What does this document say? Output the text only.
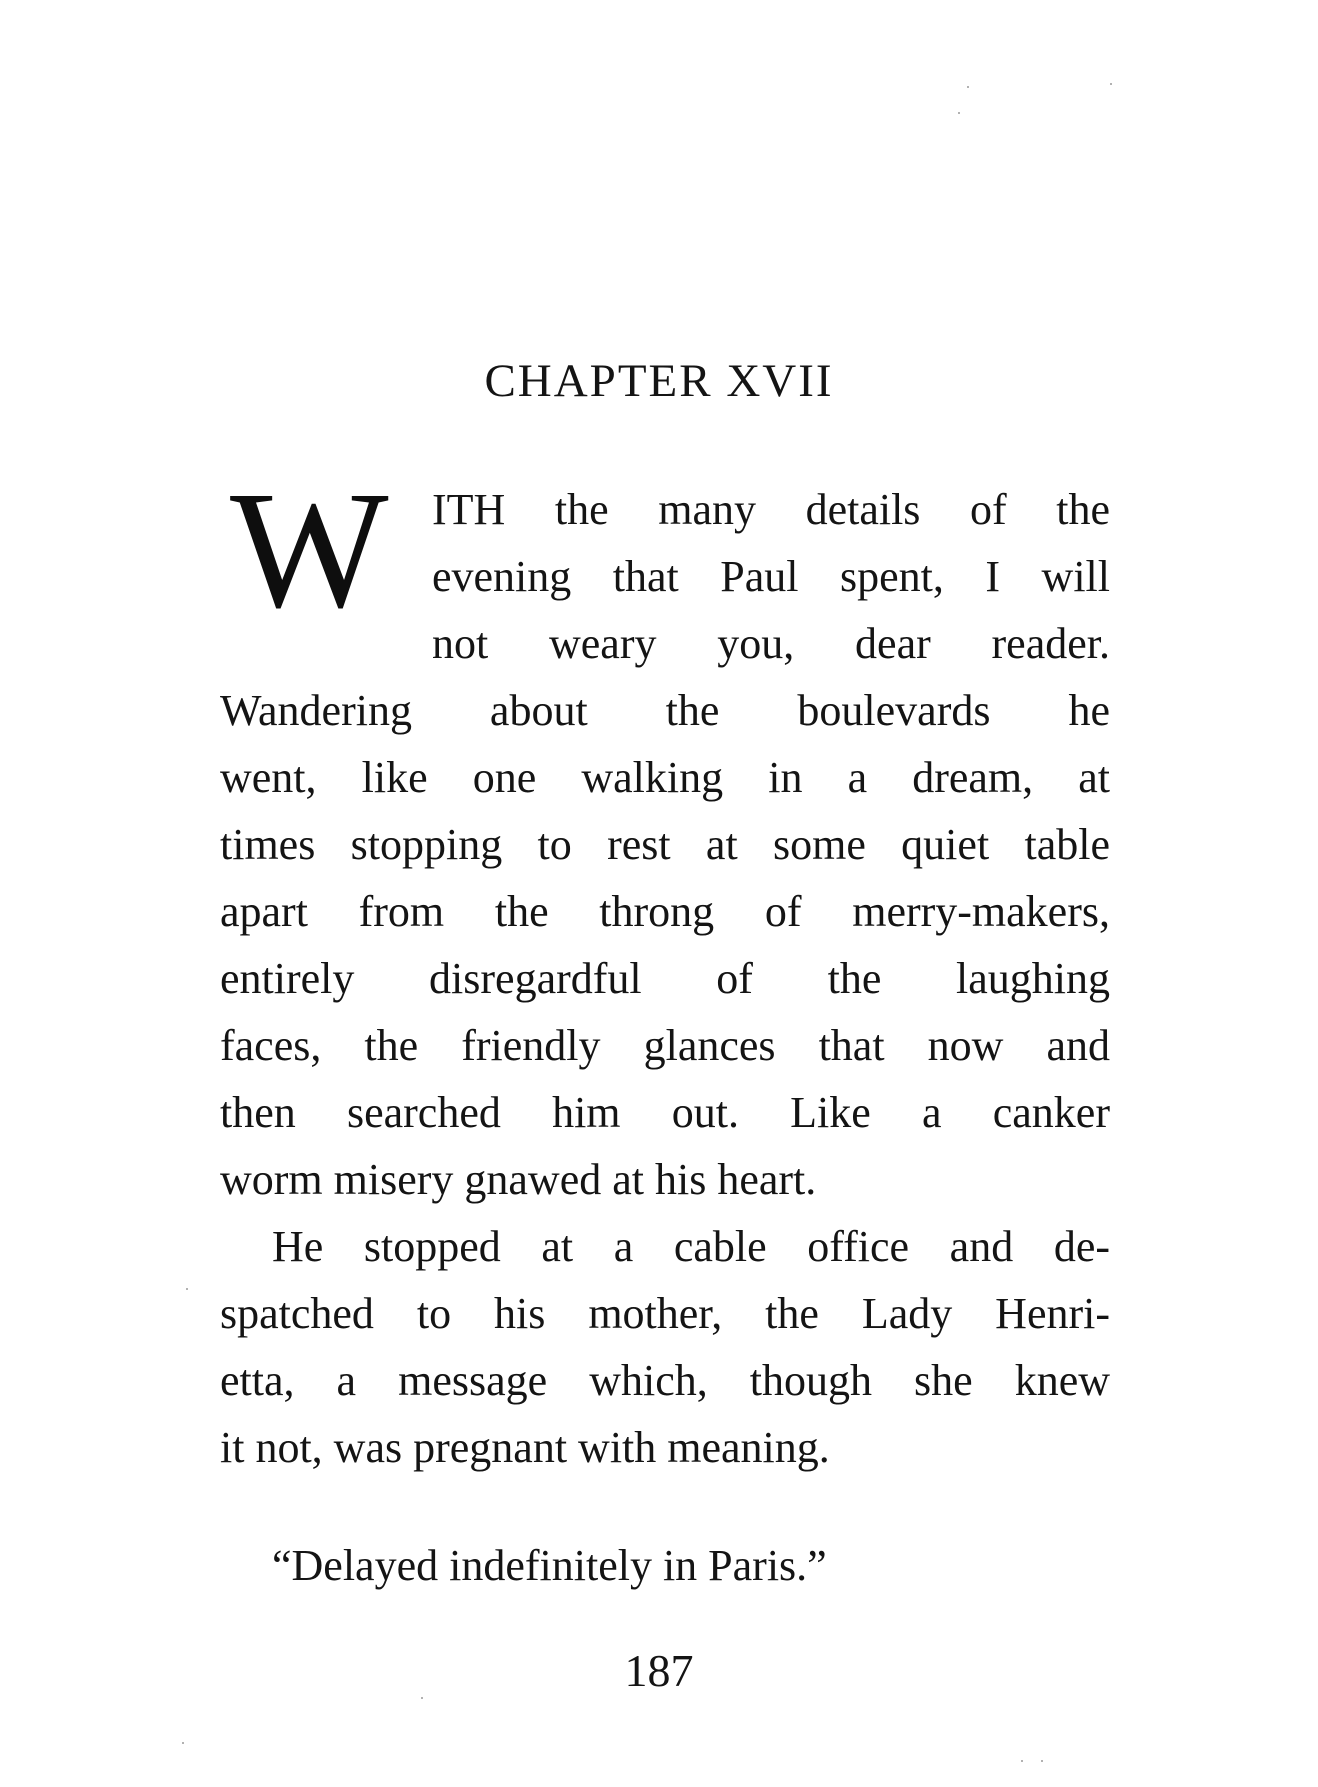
CHAPTER XVII
W ITH the many details of the
evening that Paul spent, I will
not weary you, dear reader.
Wandering about the boulevards he
went, like one walking in a dream, at
times stopping to rest at some quiet table
apart from the throng of merry-makers,
entirely disregardful of the laughing
faces, the friendly glances that now and
then searched him out. Like a canker
worm misery gnawed at his heart.
He stopped at a cable office and de-
spatched to his mother, the Lady Henri-
etta, a message which, though she knew
it not, was pregnant with meaning.
“Delayed indefinitely in Paris.”
187
